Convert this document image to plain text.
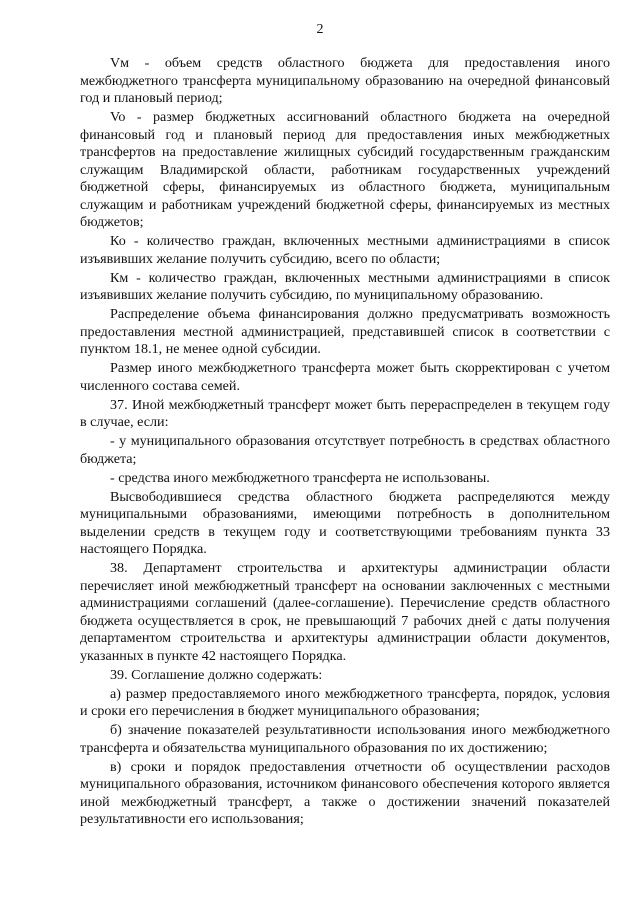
2

Vм - объем средств областного бюджета для предоставления иного межбюджетного трансферта муниципальному образованию на очередной финансовый год и плановый период;

Vo - размер бюджетных ассигнований областного бюджета на очередной финансовый год и плановый период для предоставления иных межбюджетных трансфертов на предоставление жилищных субсидий государственным гражданским служащим Владимирской области, работникам государственных учреждений бюджетной сферы, финансируемых из областного бюджета, муниципальным служащим и работникам учреждений бюджетной сферы, финансируемых из местных бюджетов;

Ко - количество граждан, включенных местными администрациями в список изъявивших желание получить субсидию, всего по области;

Км - количество граждан, включенных местными администрациями в список изъявивших желание получить субсидию, по муниципальному образованию.

Распределение объема финансирования должно предусматривать возможность предоставления местной администрацией, представившей список в соответствии с пунктом 18.1, не менее одной субсидии.

Размер иного межбюджетного трансферта может быть скорректирован с учетом численного состава семей.

37. Иной межбюджетный трансферт может быть перераспределен в текущем году в случае, если:

- у муниципального образования отсутствует потребность в средствах областного бюджета;

- средства иного межбюджетного трансферта не использованы.

Высвободившиеся средства областного бюджета распределяются между муниципальными образованиями, имеющими потребность в дополнительном выделении средств в текущем году и соответствующими требованиям пункта 33 настоящего Порядка.

38. Департамент строительства и архитектуры администрации области перечисляет иной межбюджетный трансферт на основании заключенных с местными администрациями соглашений (далее-соглашение). Перечисление средств областного бюджета осуществляется в срок, не превышающий 7 рабочих дней с даты получения департаментом строительства и архитектуры администрации области документов, указанных в пункте 42 настоящего Порядка.

39. Соглашение должно содержать:

а) размер предоставляемого иного межбюджетного трансферта, порядок, условия и сроки его перечисления в бюджет муниципального образования;

б) значение показателей результативности использования иного межбюджетного трансферта и обязательства муниципального образования по их достижению;

в) сроки и порядок предоставления отчетности об осуществлении расходов муниципального образования, источником финансового обеспечения которого является иной межбюджетный трансферт, а также о достижении значений показателей результативности его использования;
